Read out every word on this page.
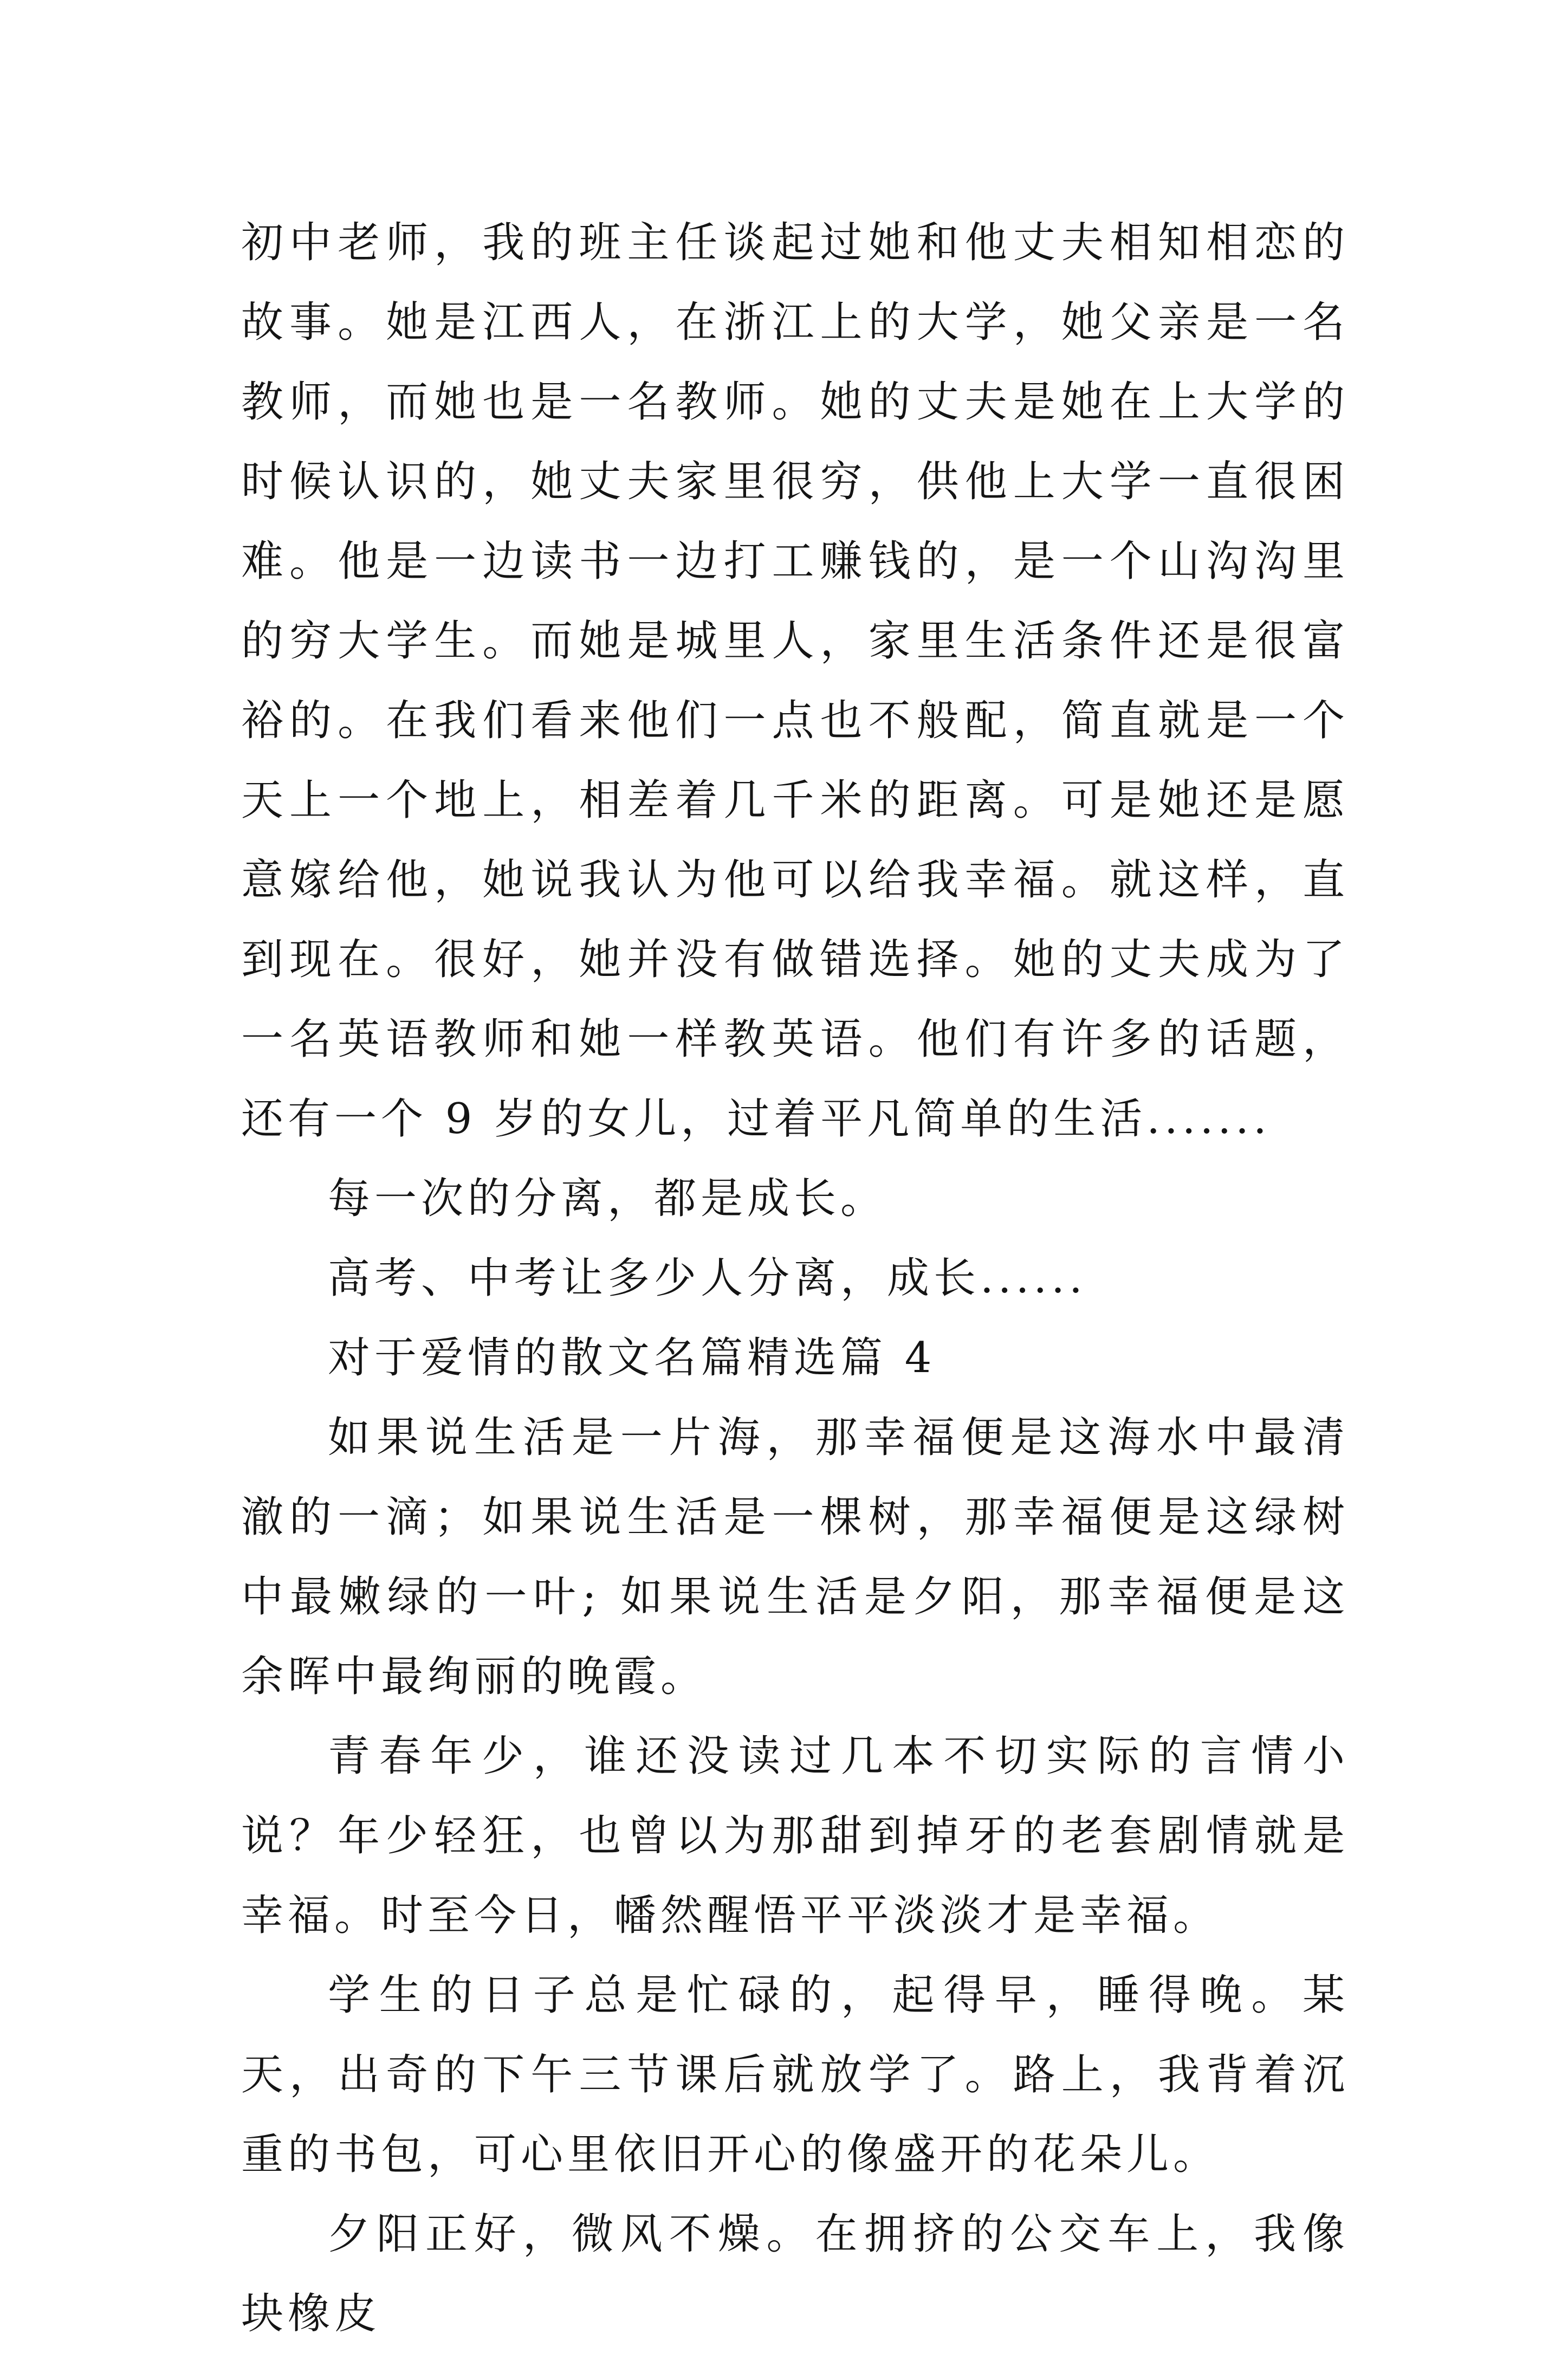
初中老师，我的班主任谈起过她和他丈夫相知相恋的故事。她是江西人，在浙江上的大学，她父亲是一名教师，而她也是一名教师。她的丈夫是她在上大学的时候认识的，她丈夫家里很穷，供他上大学一直很困难。他是一边读书一边打工赚钱的，是一个山沟沟里的穷大学生。而她是城里人，家里生活条件还是很富裕的。在我们看来他们一点也不般配，简直就是一个天上一个地上，相差着几千米的距离。可是她还是愿意嫁给他，她说我认为他可以给我幸福。就这样，直到现在。很好，她并没有做错选择。她的丈夫成为了一名英语教师和她一样教英语。他们有许多的话题，还有一个 9 岁的女儿，过着平凡简单的生活.......

每一次的分离，都是成长。

高考、中考让多少人分离，成长......

对于爱情的散文名篇精选篇 4

如果说生活是一片海，那幸福便是这海水中最清澈的一滴；如果说生活是一棵树，那幸福便是这绿树中最嫩绿的一叶; 如果说生活是夕阳，那幸福便是这余晖中最绚丽的晚霞。

青春年少，谁还没读过几本不切实际的言情小说？年少轻狂，也曾以为那甜到掉牙的老套剧情就是幸福。时至今日，幡然醒悟平平淡淡才是幸福。

学生的日子总是忙碌的，起得早，睡得晚。某天，出奇的下午三节课后就放学了。路上，我背着沉重的书包，可心里依旧开心的像盛开的花朵儿。

夕阳正好，微风不燥。在拥挤的公交车上，我像块橡皮
